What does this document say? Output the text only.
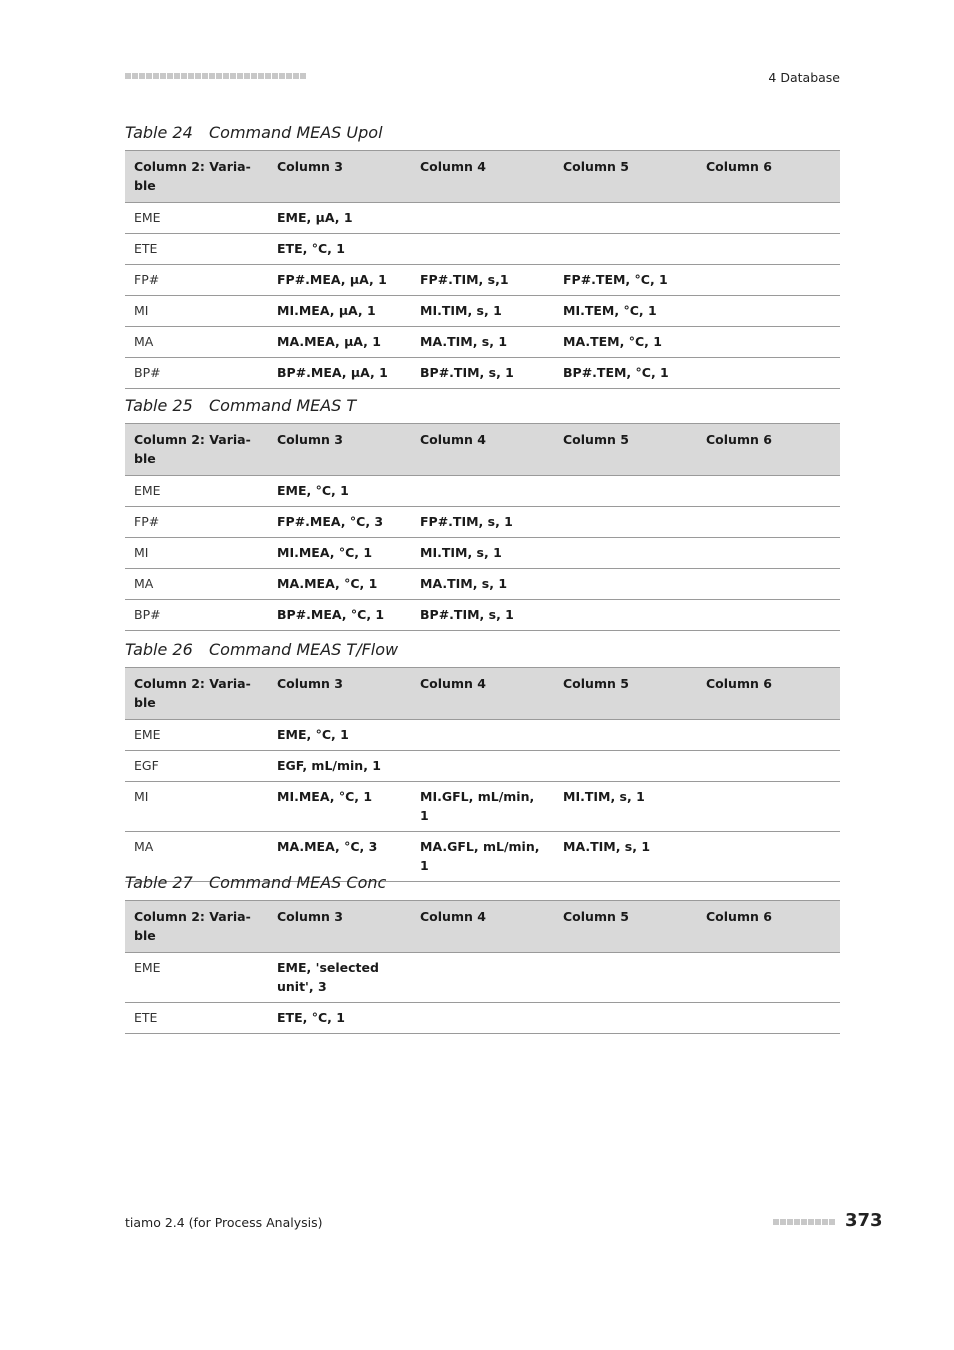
4 Database
Table 24 Command MEAS Upol
Column 2: Varia- ble	Column 3	Column 4	Column 5	Column 6
EME	EME, µA, 1			
ETE	ETE, °C, 1			
FP#	FP#.MEA, µA, 1	FP#.TIM, s,1	FP#.TEM, °C, 1	
MI	MI.MEA, µA, 1	MI.TIM, s, 1	MI.TEM, °C, 1	
MA	MA.MEA, µA, 1	MA.TIM, s, 1	MA.TEM, °C, 1	
BP#	BP#.MEA, µA, 1	BP#.TIM, s, 1	BP#.TEM, °C, 1	
Table 25 Command MEAS T
Column 2: Varia- ble	Column 3	Column 4	Column 5	Column 6
EME	EME, °C, 1			
FP#	FP#.MEA, °C, 3	FP#.TIM, s, 1		
MI	MI.MEA, °C, 1	MI.TIM, s, 1		
MA	MA.MEA, °C, 1	MA.TIM, s, 1		
BP#	BP#.MEA, °C, 1	BP#.TIM, s, 1		
Table 26 Command MEAS T/Flow
Column 2: Varia- ble	Column 3	Column 4	Column 5	Column 6
EME	EME, °C, 1			
EGF	EGF, mL/min, 1			
MI	MI.MEA, °C, 1	MI.GFL, mL/min, 1	MI.TIM, s, 1	
MA	MA.MEA, °C, 3	MA.GFL, mL/min, 1	MA.TIM, s, 1	
Table 27 Command MEAS Conc
Column 2: Varia- ble	Column 3	Column 4	Column 5	Column 6
EME	EME, 'selected unit', 3			
ETE	ETE, °C, 1			
tiamo 2.4 (for Process Analysis)	373
